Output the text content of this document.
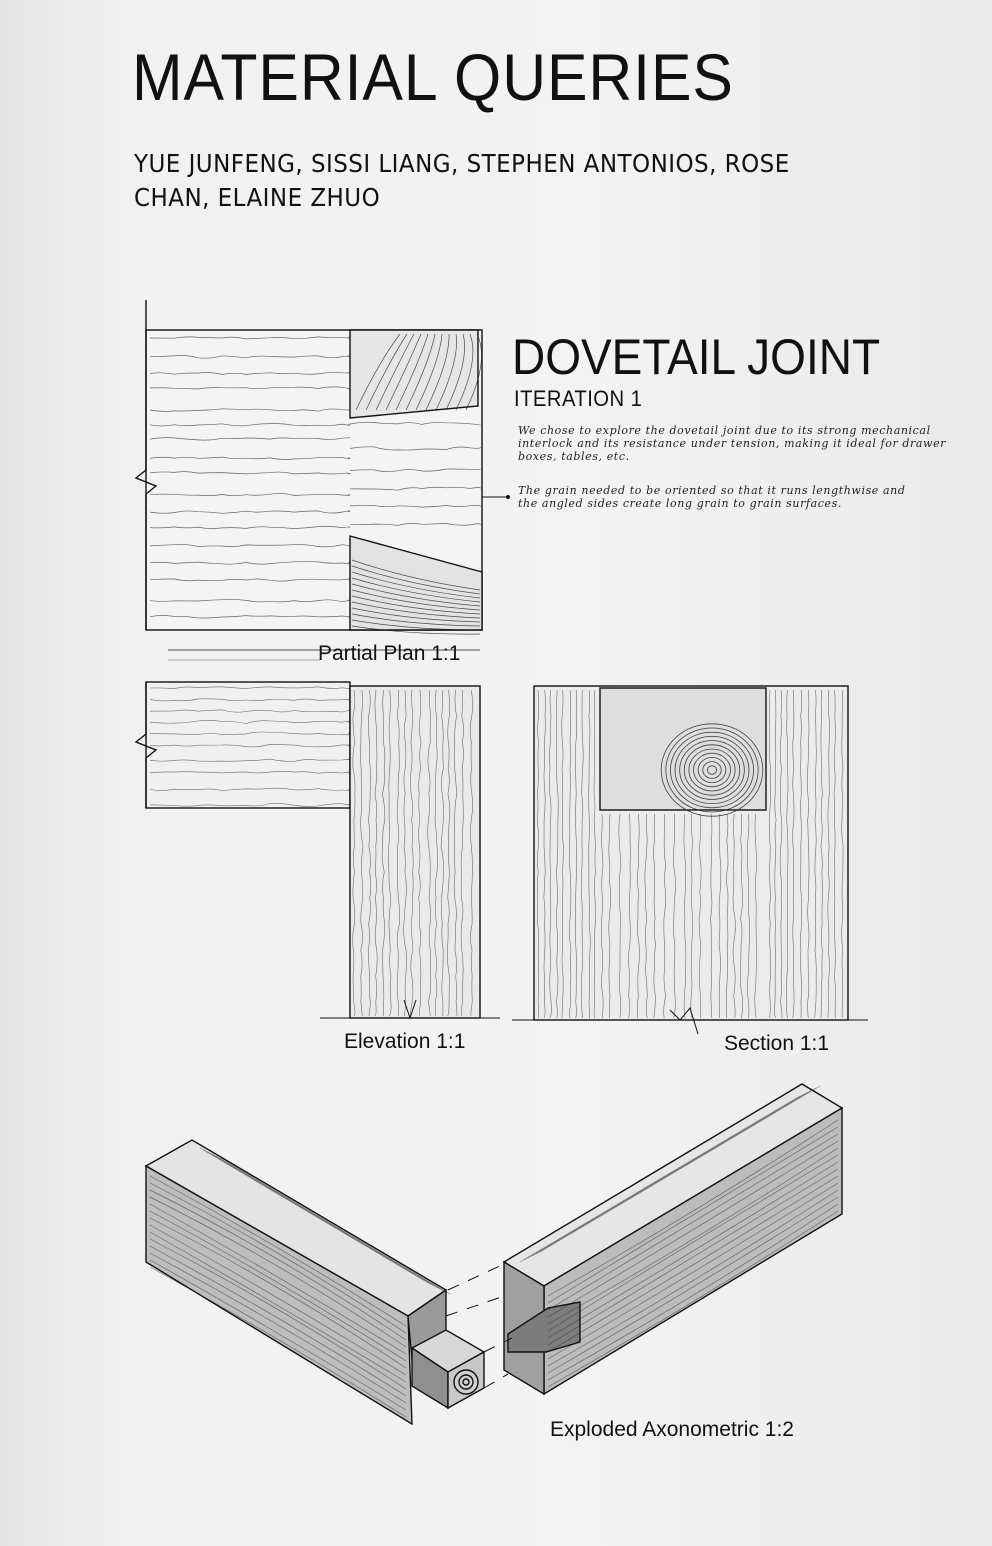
MATERIAL QUERIES
YUE JUNFENG, SISSI LIANG, STEPHEN ANTONIOS, ROSE CHAN, ELAINE ZHUO
DOVETAIL JOINT
ITERATION 1
We chose to explore the dovetail joint due to its strong mechanical interlock and its resistance under tension, making it ideal for drawer boxes, tables, etc.
The grain needed to be oriented so that it runs lengthwise and the angled sides create long grain to grain surfaces.
Partial Plan 1:1
Elevation 1:1	Section 1:1
Exploded Axonometric 1:2
